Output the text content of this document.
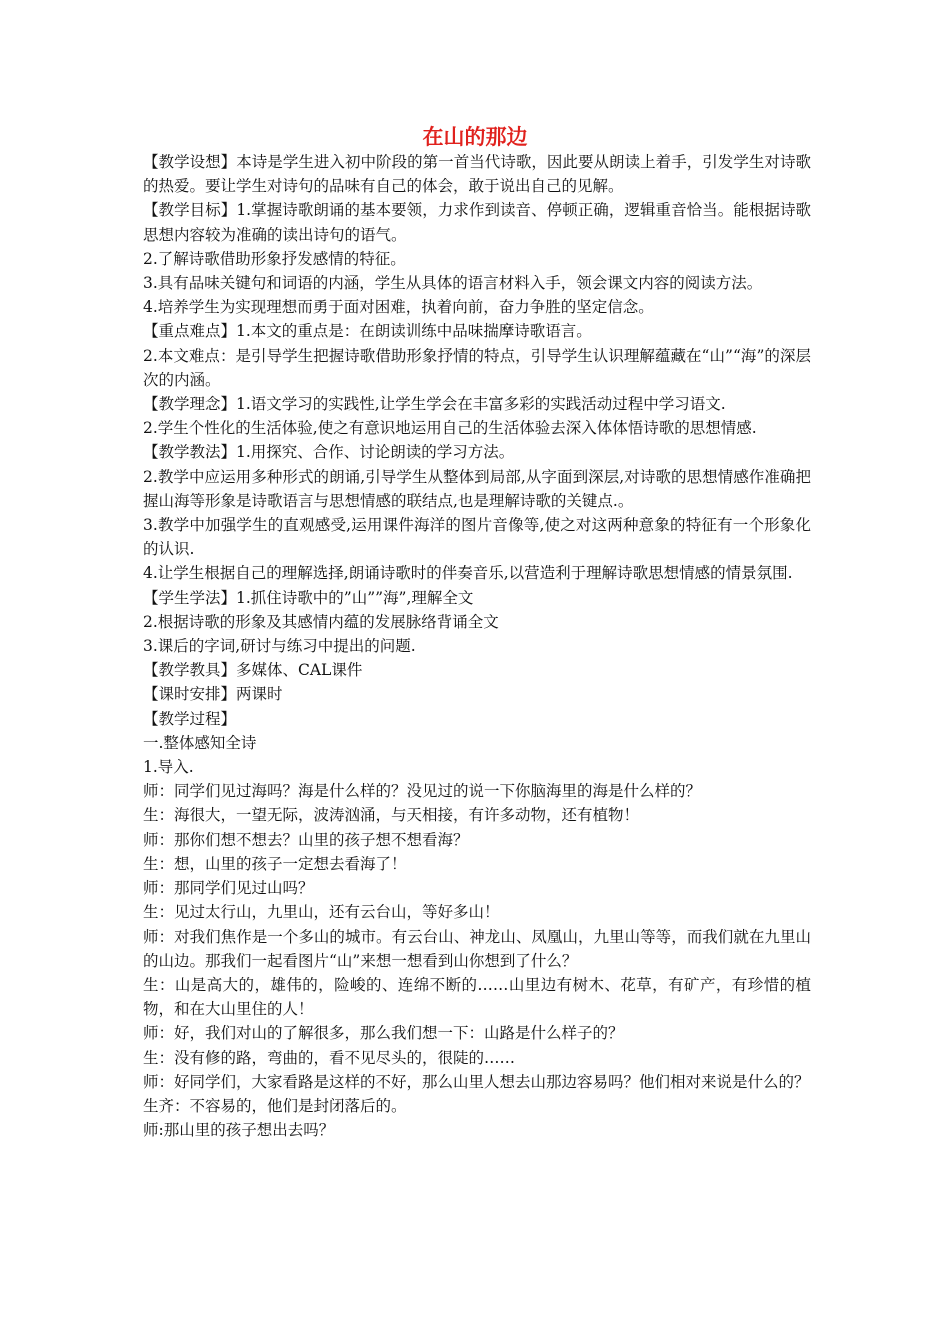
在山的那边

【教学设想】本诗是学生进入初中阶段的第一首当代诗歌，因此要从朗读上着手，引发学生对诗歌的热爱。要让学生对诗句的品味有自己的体会，敢于说出自己的见解。

【教学目标】1.掌握诗歌朗诵的基本要领，力求作到读音、停顿正确，逻辑重音恰当。能根据诗歌思想内容较为准确的读出诗句的语气。

2.了解诗歌借助形象抒发感情的特征。

3.具有品味关键句和词语的内涵，学生从具体的语言材料入手，领会课文内容的阅读方法。

4.培养学生为实现理想而勇于面对困难，执着向前，奋力争胜的坚定信念。

【重点难点】1.本文的重点是：在朗读训练中品味揣摩诗歌语言。

2.本文难点：是引导学生把握诗歌借助形象抒情的特点，引导学生认识理解蕴藏在“山”“海”的深层次的内涵。

【教学理念】1.语文学习的实践性,让学生学会在丰富多彩的实践活动过程中学习语文.

2.学生个性化的生活体验,使之有意识地运用自己的生活体验去深入体体悟诗歌的思想情感.

【教学教法】1.用探究、合作、讨论朗读的学习方法。

2.教学中应运用多种形式的朗诵,引导学生从整体到局部,从字面到深层,对诗歌的思想情感作准确把握山海等形象是诗歌语言与思想情感的联结点,也是理解诗歌的关键点.。

3.教学中加强学生的直观感受,运用课件海洋的图片音像等,使之对这两种意象的特征有一个形象化的认识.

4.让学生根据自己的理解选择,朗诵诗歌时的伴奏音乐,以营造利于理解诗歌思想情感的情景氛围.

【学生学法】1.抓住诗歌中的”山””海”,理解全文

2.根据诗歌的形象及其感情内蕴的发展脉络背诵全文

3.课后的字词,研讨与练习中提出的问题.

【教学教具】多媒体、CAL课件

【课时安排】两课时

【教学过程】

一.整体感知全诗

1.导入.

师：同学们见过海吗？海是什么样的？没见过的说一下你脑海里的海是什么样的？

生：海很大，一望无际，波涛汹涌，与天相接，有许多动物，还有植物！

师：那你们想不想去？山里的孩子想不想看海？

生：想，山里的孩子一定想去看海了！

师：那同学们见过山吗？

生：见过太行山，九里山，还有云台山，等好多山！

师：对我们焦作是一个多山的城市。有云台山、神龙山、凤凰山，九里山等等，而我们就在九里山的山边。那我们一起看图片“山”来想一想看到山你想到了什么？

生：山是高大的，雄伟的，险峻的、连绵不断的……山里边有树木、花草，有矿产，有珍惜的植物，和在大山里住的人！

师：好，我们对山的了解很多，那么我们想一下：山路是什么样子的？

生：没有修的路，弯曲的，看不见尽头的，很陡的……

师：好同学们，大家看路是这样的不好，那么山里人想去山那边容易吗？他们相对来说是什么的？

生齐：不容易的，他们是封闭落后的。

师:那山里的孩子想出去吗？
